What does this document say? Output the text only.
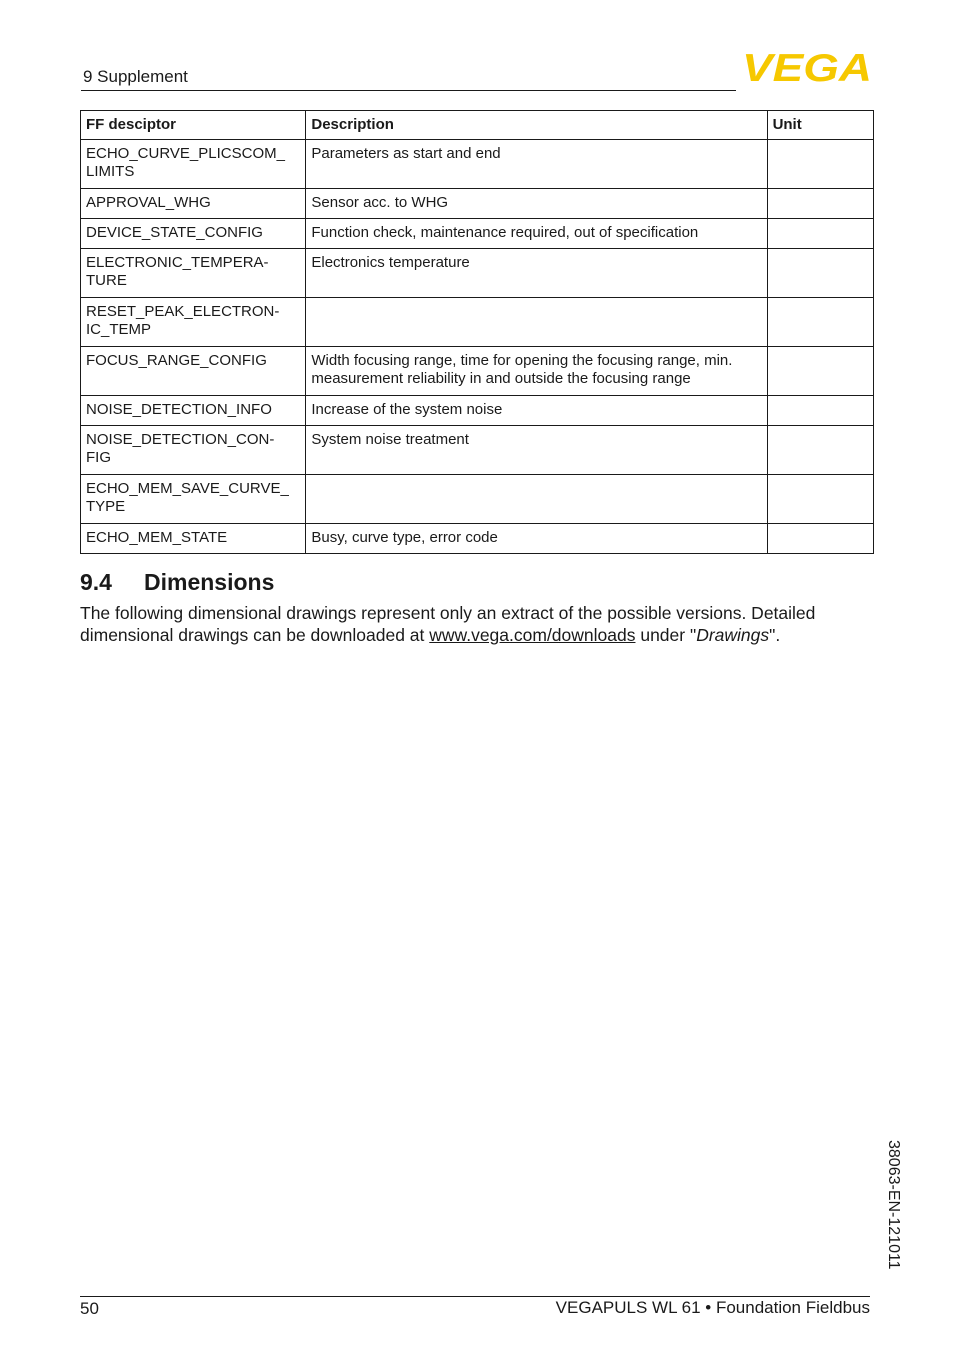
9 Supplement	VEGA
FF desciptor	Description	Unit
ECHO_CURVE_PLICSCOM_
LIMITS	Parameters as start and end	
APPROVAL_WHG	Sensor acc. to WHG	
DEVICE_STATE_CONFIG	Function check, maintenance required, out of specification	
ELECTRONIC_TEMPERA-
TURE	Electronics temperature	
RESET_PEAK_ELECTRON-
IC_TEMP		
FOCUS_RANGE_CONFIG	Width focusing range, time for opening the focusing range, min. measurement reliability in and outside the focusing range	
NOISE_DETECTION_INFO	Increase of the system noise	
NOISE_DETECTION_CON-
FIG	System noise treatment	
ECHO_MEM_SAVE_CURVE_
TYPE		
ECHO_MEM_STATE	Busy, curve type, error code	
9.4 Dimensions
The following dimensional drawings represent only an extract of the possible versions. Detailed dimensional drawings can be downloaded at www.vega.com/downloads under "Drawings".
38063-EN-121011
50	VEGAPULS WL 61 • Foundation Fieldbus
